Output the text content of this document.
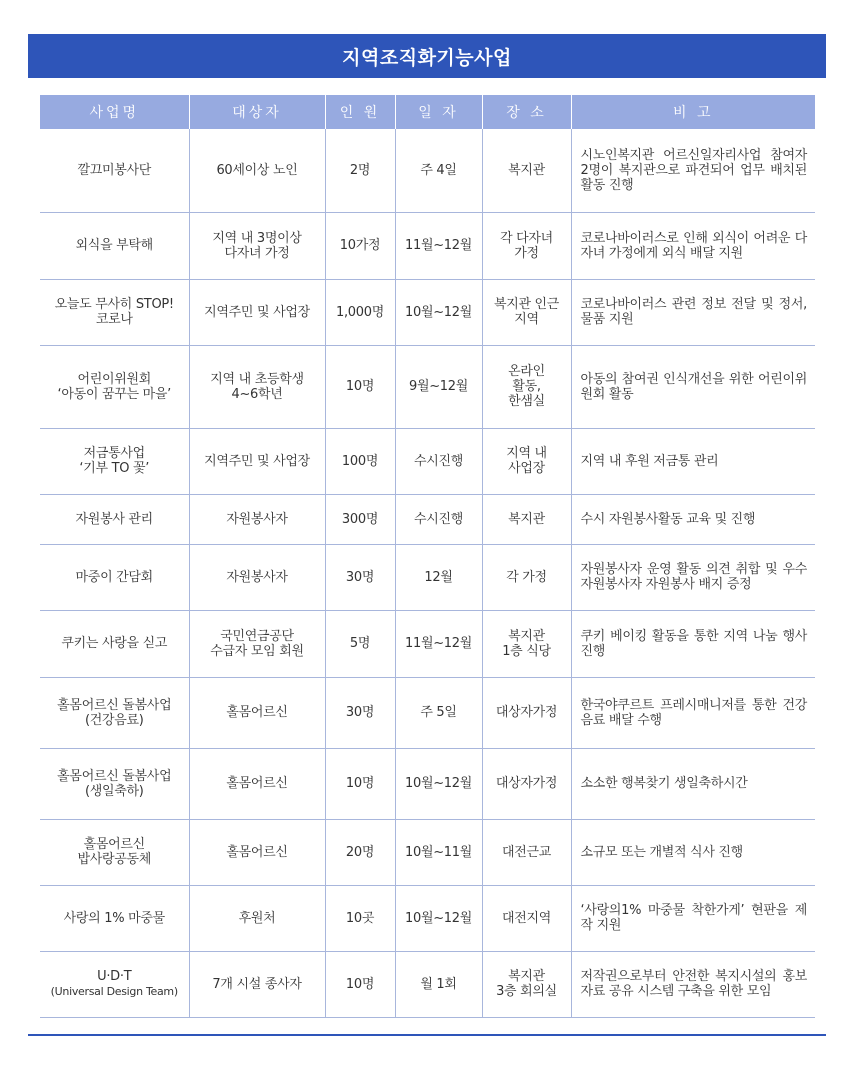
지역조직화기능사업
사업명	대상자	인 원	일 자	장 소	비 고

깔끄미봉사단	60세이상 노인	2명	주 4일	복지관	시노인복지관 어르신일자리사업 참여자 2명이 복지관으로 파견되어 업무 배치된 활동 진행

외식을 부탁해	지역 내 3명이상
다자녀 가정	10가정	11월~12월	각 다자녀
가정	코로나바이러스로 인해 외식이 어려운 다자녀 가정에게 외식 배달 지원

오늘도 무사히 STOP!
코로나	지역주민 및 사업장	1,000명	10월~12월	복지관 인근
지역	코로나바이러스 관련 정보 전달 및 정서, 물품 지원

어린이위원회
‘아동이 꿈꾸는 마을’	지역 내 초등학생
4~6학년	10명	9월~12월	온라인
활동,
한샘실	아동의 참여권 인식개선을 위한 어린이위원회 활동

저금통사업
‘기부 TO 꽃’	지역주민 및 사업장	100명	수시진행	지역 내
사업장	지역 내 후원 저금통 관리

자원봉사 관리	자원봉사자	300명	수시진행	복지관	수시 자원봉사활동 교육 및 진행

마중이 간담회	자원봉사자	30명	12월	각 가정	자원봉사자 운영 활동 의견 취합 및 우수 자원봉사자 자원봉사 배지 증정

쿠키는 사랑을 싣고	국민연금공단
수급자 모임 회원	5명	11월~12월	복지관
1층 식당	쿠키 베이킹 활동을 통한 지역 나눔 행사 진행

홀몸어르신 돌봄사업
(건강음료)	홀몸어르신	30명	주 5일	대상자가정	한국야쿠르트 프레시매니저를 통한 건강음료 배달 수행

홀몸어르신 돌봄사업
(생일축하)	홀몸어르신	10명	10월~12월	대상자가정	소소한 행복찾기 생일축하시간

홀몸어르신
밥사랑공동체	홀몸어르신	20명	10월~11월	대전근교	소규모 또는 개별적 식사 진행

사랑의 1% 마중물	후원처	10곳	10월~12월	대전지역	‘사랑의1% 마중물 착한가게’ 현판을 제작 지원

U·D·T
(Universal Design Team)	7개 시설 종사자	10명	월 1회	복지관
3층 회의실	저작권으로부터 안전한 복지시설의 홍보자료 공유 시스템 구축을 위한 모임
